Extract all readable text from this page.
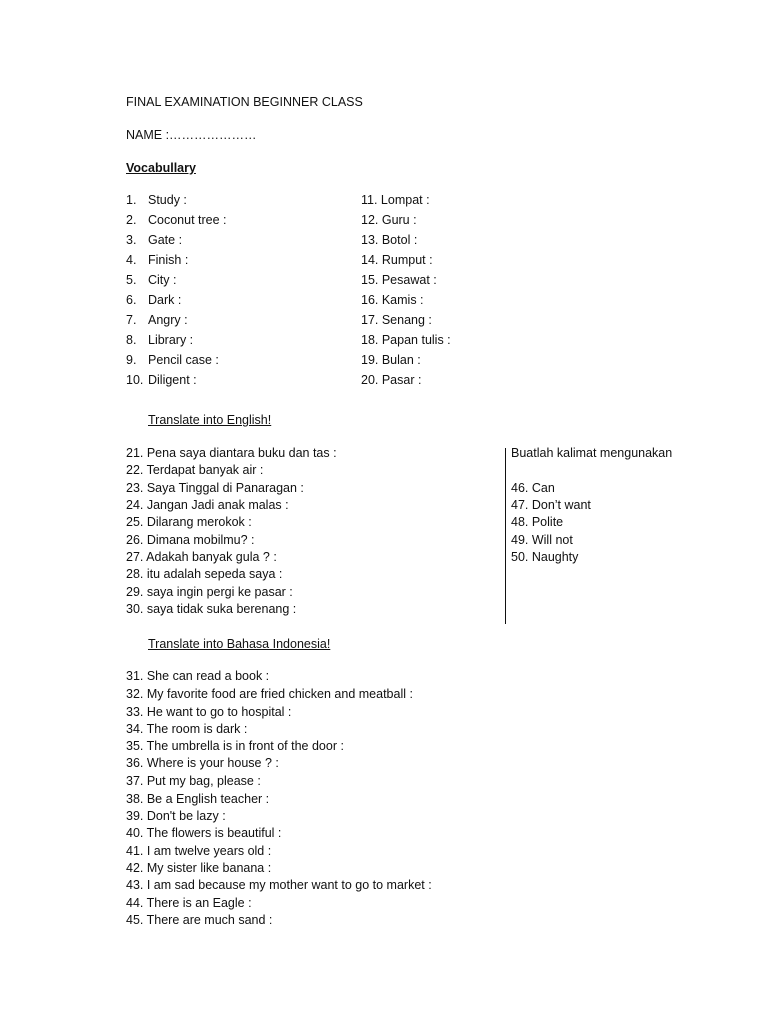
FINAL EXAMINATION BEGINNER CLASS
NAME :…………………
Vocabullary
1. Study :
2. Coconut tree :
3. Gate :
4. Finish :
5. City :
6. Dark :
7. Angry :
8. Library :
9. Pencil case :
10. Diligent :
11. Lompat :
12. Guru :
13. Botol :
14. Rumput :
15. Pesawat :
16. Kamis :
17. Senang :
18. Papan tulis :
19. Bulan :
20. Pasar :
Translate into English!
21. Pena saya diantara buku dan tas :
22. Terdapat banyak air :
23. Saya Tinggal di Panaragan :
24. Jangan Jadi anak malas :
25. Dilarang merokok :
26. Dimana mobilmu? :
27. Adakah banyak gula ? :
28. itu adalah sepeda saya :
29. saya ingin pergi ke pasar :
30. saya tidak suka berenang :
Buatlah kalimat mengunakan
46. Can
47. Don’t want
48. Polite
49. Will not
50. Naughty
Translate into Bahasa Indonesia!
31. She can read a book :
32. My favorite food are fried chicken and meatball :
33. He want to go to hospital :
34. The room is dark :
35. The umbrella is in front of the door :
36. Where is your house ? :
37. Put my bag, please :
38. Be a English teacher :
39. Don't be lazy :
40. The flowers is beautiful :
41. I am twelve years old :
42. My sister like banana :
43. I am sad because my mother want to go to market :
44. There is an Eagle :
45. There are much sand :
